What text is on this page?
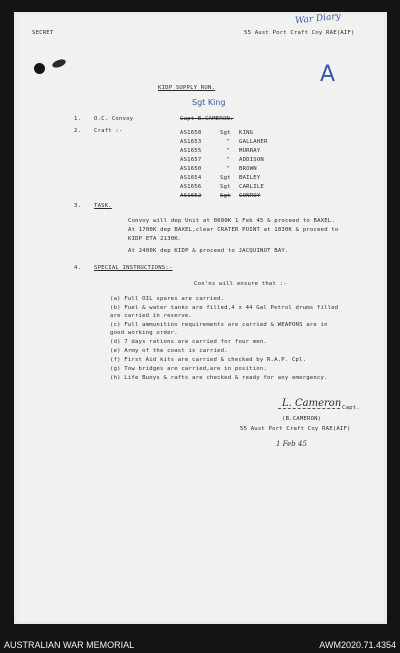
SECRET	55 Aust Port Craft Coy RAE(AIF)
War Diary
A
KIDP SUPPLY RUN.
1. O.C. Convoy	Capt B.CAMERON.
Sgt King
2. Craft :-	AS1658	Sgt KING
AS1653	" GALLAHER
AS1655	" MURRAY
AS1657	" ADDISON
AS1650	" BROWN
AS1654	Sgt BAILEY
AS1656	Sgt CARLILE
AS1652	Sgt CONROY
3. TASK.
Convoy will dep Unit at 0600K 1 Feb 45 & proceed to BAXEL.
At 1700K dep BAXEL,clear CRATER POINT at 1830K & proceed to
KIDP ETA 2130K.
At 2400K dep KIDP & proceed to JACQUINOT BAY.
4. SPECIAL INSTRUCTIONS:-
Cox'ns will ensure that :-
(a) Full OIL spares are carried.
(b) Fuel & water tanks are filled,4 x 44 Gal Petrol drums filled
are carried in reserve.
(c) Full ammunition requirements are carried & WEAPONS are in
good working order.
(d) 7 days rations are carried for four men.
(e) Army of the coast is carried.
(f) First Aid kits are carried & checked by R.A.P. Cpl.
(g) Tow bridges are carried,are in position.
(h) Life Buoys & rafts are checked & ready for any emergency.
L. Cameron Capt.
(B.CAMERON)
55 Aust Port Craft Coy RAE(AIF)
1 Feb 45
AUSTRALIAN WAR MEMORIAL	AWM2020.71.4354
